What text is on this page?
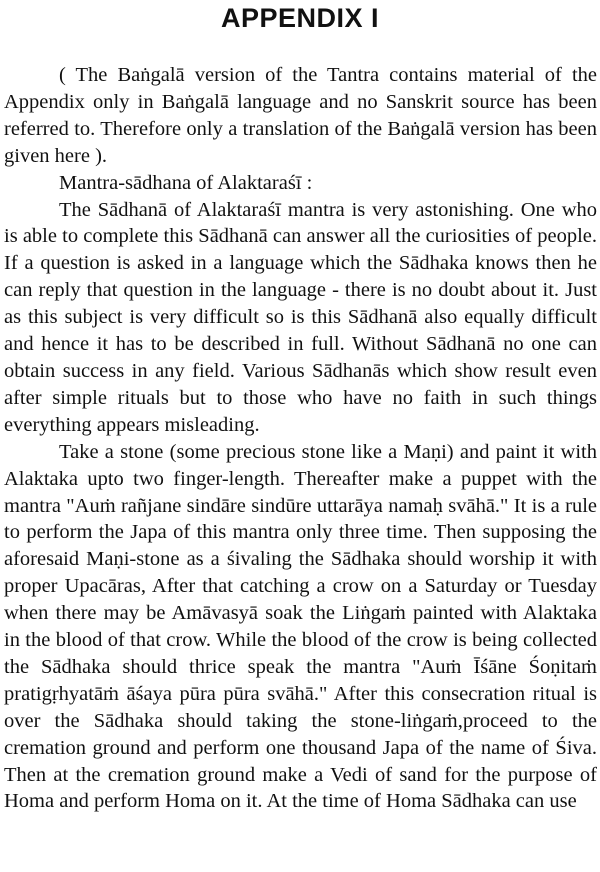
APPENDIX I

( The Baṅgalā version of the Tantra contains material of the Appendix only in Baṅgalā language and no Sanskrit source has been referred to. Therefore only a translation of the Baṅgalā version has been given here ).

Mantra-sādhana of Alaktaraśī :

The Sādhanā of Alaktaraśī mantra is very astonishing. One who is able to complete this Sādhanā can answer all the curiosities of people. If a question is asked in a language which the Sādhaka knows then he can reply that question in the language - there is no doubt about it. Just as this subject is very difficult so is this Sādhanā also equally difficult and hence it has to be described in full. Without Sādhanā no one can obtain success in any field. Various Sādhanās which show result even after simple rituals but to those who have no faith in such things everything appears misleading.

Take a stone (some precious stone like a Maṇi) and paint it with Alaktaka upto two finger-length. Thereafter make a puppet with the mantra "Auṁ rañjane sindāre sindūre uttarāya namaḥ svāhā." It is a rule to perform the Japa of this mantra only three time. Then supposing the aforesaid Maṇi-stone as a śivaling the Sādhaka should worship it with proper Upacāras, After that catching a crow on a Saturday or Tuesday when there may be Amāvasyā soak the Liṅgaṁ painted with Alaktaka in the blood of that crow. While the blood of the crow is being collected the Sādhaka should thrice speak the mantra "Auṁ Īśāne Śoṇitaṁ pratigṛhyatāṁ āśaya pūra pūra svāhā." After this consecration ritual is over the Sādhaka should taking the stone-liṅgaṁ,proceed to the cremation ground and perform one thousand Japa of the name of Śiva. Then at the cremation ground make a Vedi of sand for the purpose of Homa and perform Homa on it. At the time of Homa Sādhaka can use
